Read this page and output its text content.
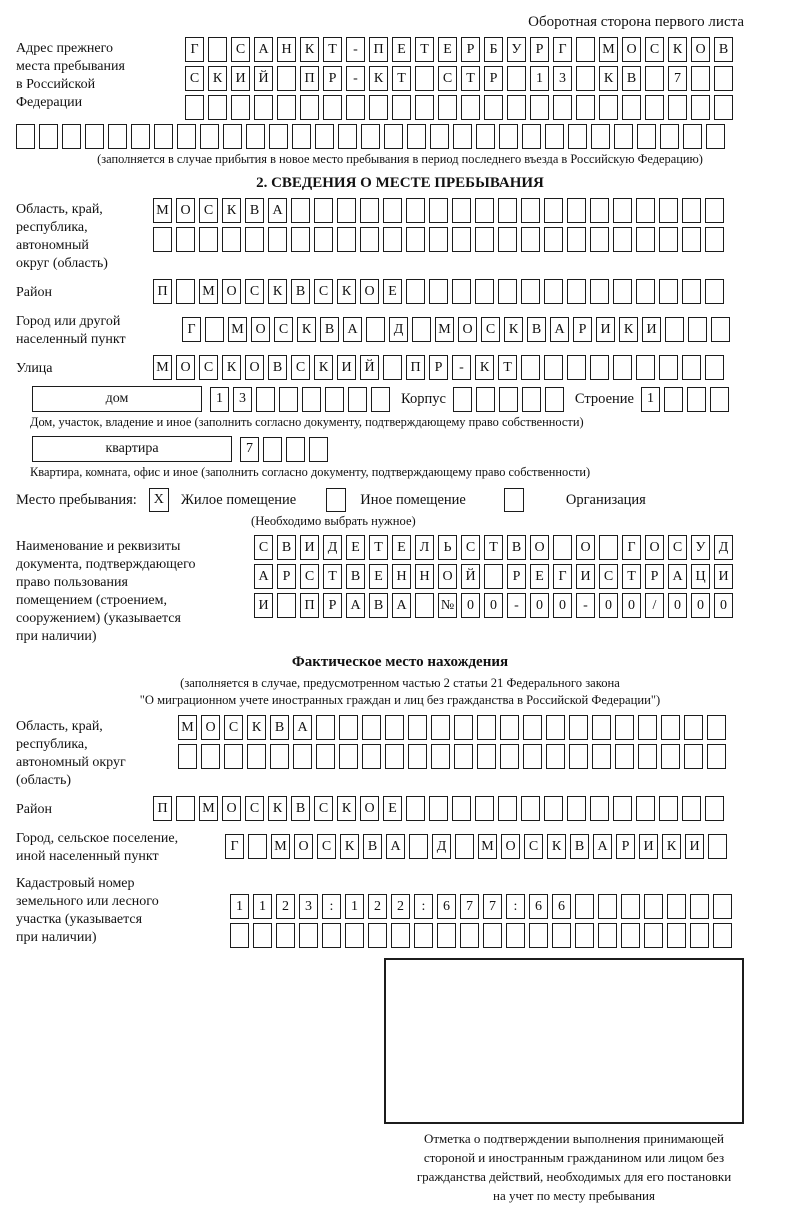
Оборотная сторона первого листа
Адрес прежнего
места пребывания
в Российской
Федерации
Г	С А Н К	Т	-	П Е	Т	Е	Р	Б	У	Р	Г	М О С К О В
С К И Й	П	Р	-	К	Т	С	Т	Р	1	3	К В	7
(заполняется в случае прибытия в новое место пребывания в период последнего въезда в Российскую Федерацию)
2. СВЕДЕНИЯ О МЕСТЕ ПРЕБЫВАНИЯ
Область, край,
республика,
автономный
округ (область)
М О С К В А
Район	П	М О С К В С К О Е
Город или другой
населенный пункт
Г	М О С К В А	Д	М О С К В А	Р	И К И
Улица	М О С К О В С К И Й	П	Р	-	К	Т
дом	1	3	Корпус	Строение 1
Дом, участок, владение и иное (заполнить согласно документу, подтверждающему право собственности)
квартира	7
Квартира, комната, офис и иное (заполнить согласно документу, подтверждающему право собственности)
Место пребывания:	X	Жилое помещение	Иное помещение	Организация
(Необходимо выбрать нужное)
Наименование и реквизиты
документа, подтверждающего
право пользования
помещением (строением,
сооружением) (указывается
при наличии)
С В И Д Е	Т	Е Л	Ь	С	Т	В О	О	Г О С У Д
А	Р	С	Т	В	Е Н Н О Й	Р	Е	Г И С	Т	Р	А Ц И
И	П	Р	А В А	№ 0	0	-	0	0	-	0	0	/	0	0	0
Фактическое место нахождения
(заполняется в случае, предусмотренном частью 2 статьи 21 Федерального закона
"О миграционном учете иностранных граждан и лиц без гражданства в Российской Федерации")
Область, край,
республика,
автономный округ
(область)
М О С К В А
Район	П	М О С К В С К О Е
Город, сельское поселение,
иной населенный пункт
Г	М О С К В А	Д	М О С К В А	Р	И К И
Кадастровый номер
земельного или лесного
участка (указывается
при наличии)
1	1	2	3	:	1	2	2	:	6	7	7	:	6	6
Отметка о подтверждении выполнения принимающей
стороной и иностранным гражданином или лицом без
гражданства действий, необходимых для его постановки
на учет по месту пребывания
